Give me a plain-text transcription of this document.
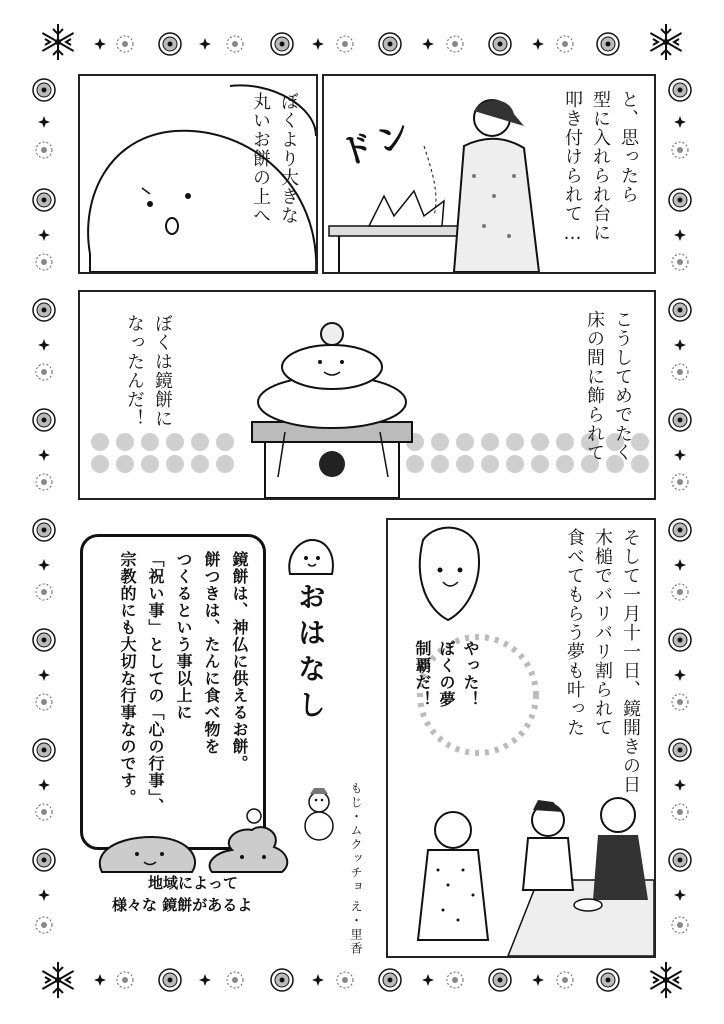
ぼくより大きな
丸いお餅の上へ	ドン	と、思ったら
型に入れられ台に
叩き付けられて…
こうしてめでたく
床の間に飾られて
ぼくは鏡餅に
なったんだ！
そして一月十一日、鏡開きの日
木槌でバリバリ割られて
食べてもらう夢も叶った
やった！
ぼくの夢
制覇だ！
鏡餅は、神仏に供えるお餅。
餅つきは、たんに食べ物を
つくるという事以上に
「祝い事」としての「心の行事」、
宗教的にも大切な行事なのです。	おはなし
もじ・ムクッチョ
え・里香
地域によって
様々な 鏡餅があるよ
